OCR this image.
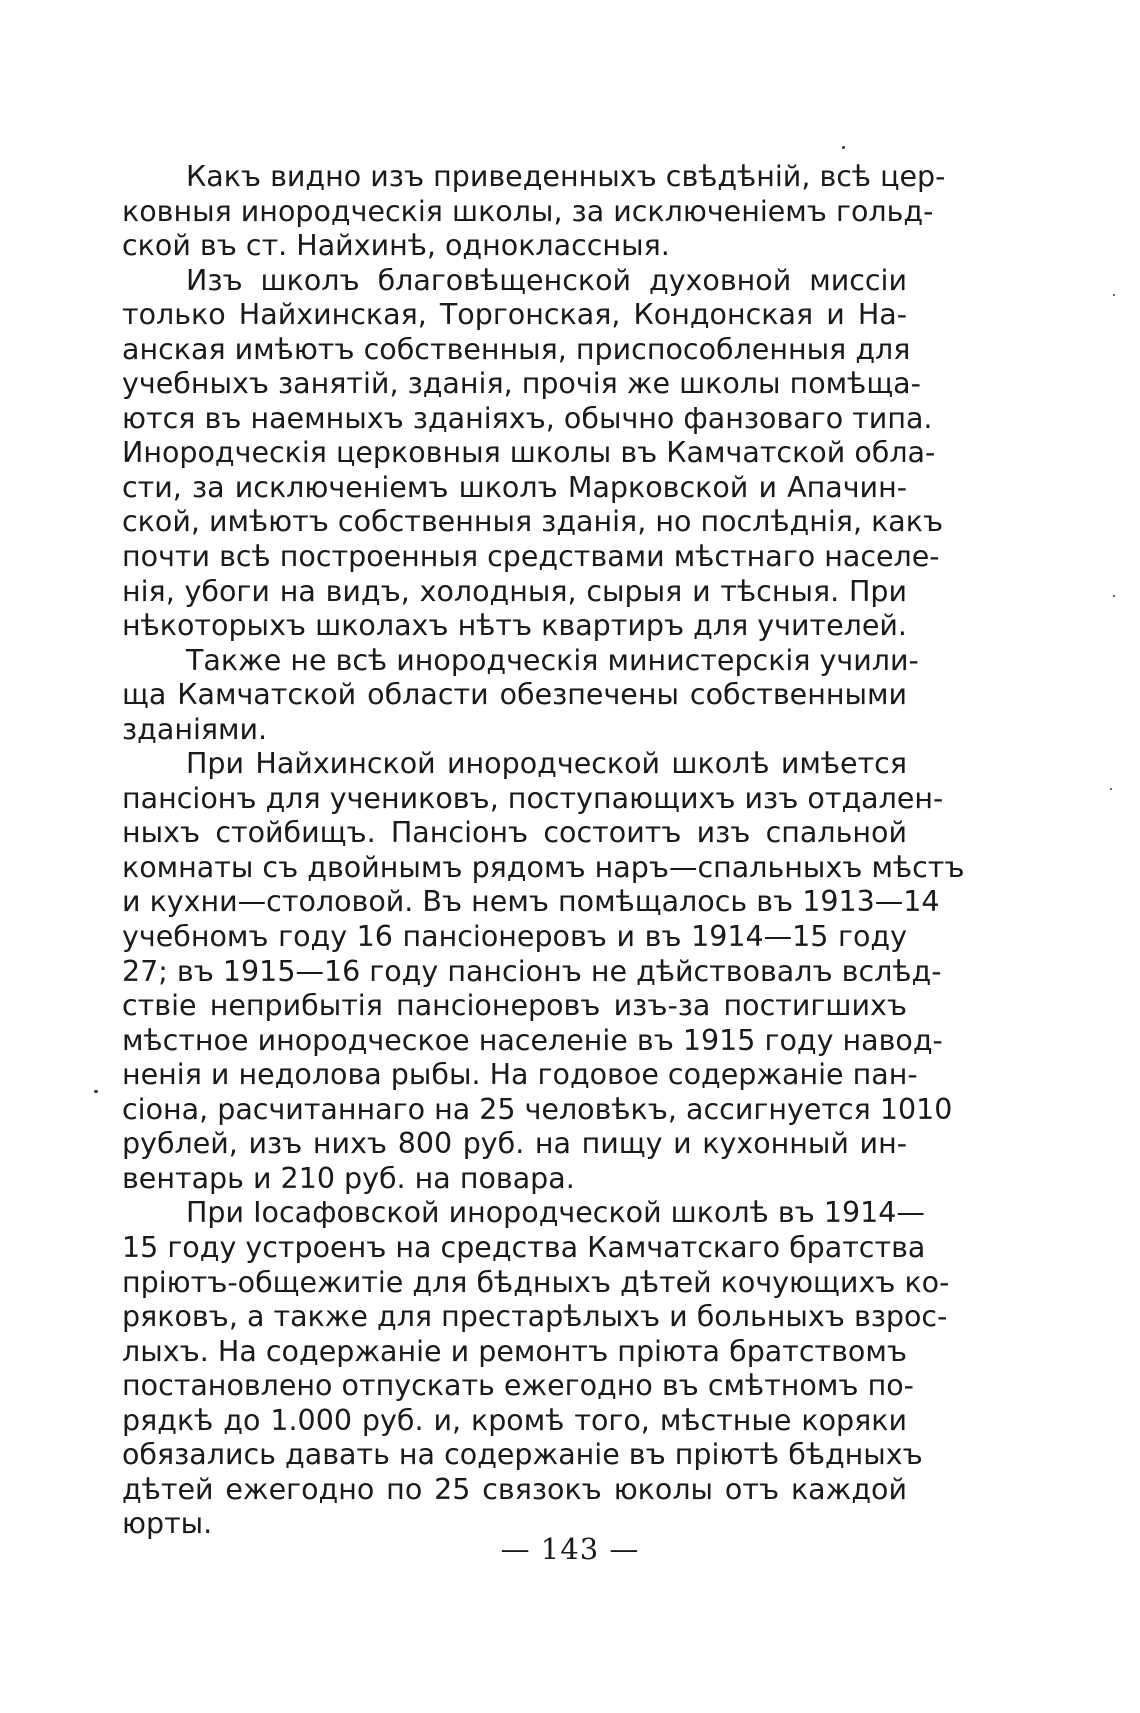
Какъ видно изъ приведенныхъ свѣдѣній, всѣ цер-
ковныя инородческія школы, за исключеніемъ гольд-
ской въ ст. Найхинѣ, одноклассныя.
Изъ школъ благовѣщенской духовной миссіи
только Найхинская, Торгонская, Кондонская и На-
анская имѣютъ собственныя, приспособленныя для
учебныхъ занятій, зданія, прочія же школы помѣща-
ются въ наемныхъ зданіяхъ, обычно фанзоваго типа.
Инородческія церковныя школы въ Камчатской обла-
сти, за исключеніемъ школъ Марковской и Апачин-
ской, имѣютъ собственныя зданія, но послѣднія, какъ
почти всѣ построенныя средствами мѣстнаго населе-
нія, убоги на видъ, холодныя, сырыя и тѣсныя. При
нѣкоторыхъ школахъ нѣтъ квартиръ для учителей.
Также не всѣ инородческія министерскія учили-
ща Камчатской области обезпечены собственными
зданіями.
При Найхинской инородческой школѣ имѣется
пансіонъ для учениковъ, поступающихъ изъ отдален-
ныхъ стойбищъ. Пансіонъ состоитъ изъ спальной
комнаты съ двойнымъ рядомъ наръ—спальныхъ мѣстъ
и кухни—столовой. Въ немъ помѣщалось въ 1913—14
учебномъ году 16 пансіонеровъ и въ 1914—15 году
27; въ 1915—16 году пансіонъ не дѣйствовалъ вслѣд-
ствіе неприбытія пансіонеровъ изъ-за постигшихъ
мѣстное инородческое населеніе въ 1915 году навод-
ненія и недолова рыбы. На годовое содержаніе пан-
сіона, расчитаннаго на 25 человѣкъ, ассигнуется 1010
рублей, изъ нихъ 800 руб. на пищу и кухонный ин-
вентарь и 210 руб. на повара.
При Іосафовской инородческой школѣ въ 1914—
15 году устроенъ на средства Камчатскаго братства
пріютъ-общежитіе для бѣдныхъ дѣтей кочующихъ ко-
ряковъ, а также для престарѣлыхъ и больныхъ взрос-
лыхъ. На содержаніе и ремонтъ пріюта братствомъ
постановлено отпускать ежегодно въ смѣтномъ по-
рядкѣ до 1.000 руб. и, кромѣ того, мѣстные коряки
обязались давать на содержаніе въ пріютѣ бѣдныхъ
дѣтей ежегодно по 25 связокъ юколы отъ каждой
юрты.
— 143 —
